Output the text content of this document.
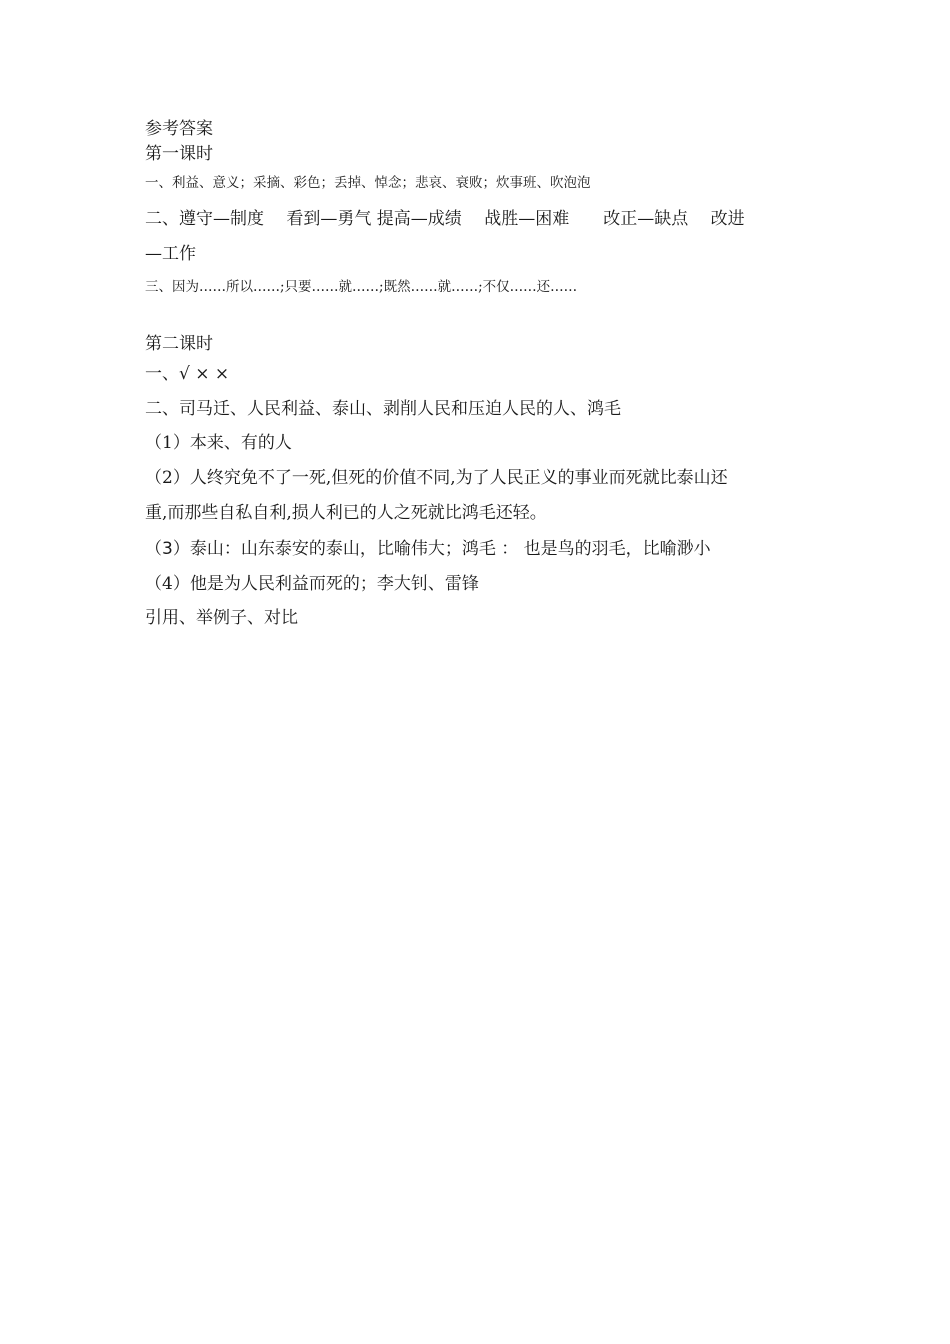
参考答案
第一课时
一、利益、意义；采摘、彩色；丢掉、悼念；悲哀、衰败；炊事班、吹泡泡
二、遵守—制度　 看到—勇气 提高—成绩　 战胜—困难　　改正—缺点　 改进
—工作
三、因为……所以……;只要……就……;既然……就……;不仅……还……
第二课时
一、√ × ×
二、司马迁、人民利益、泰山、剥削人民和压迫人民的人、鸿毛
（1）本来、有的人
（2）人终究免不了一死,但死的价值不同,为了人民正义的事业而死就比泰山还
重,而那些自私自利,损人利已的人之死就比鸿毛还轻。
（3）泰山：山东泰安的泰山，比喻伟大；鸿毛 ： 也是鸟的羽毛，比喻渺小
（4）他是为人民利益而死的；李大钊、雷锋
引用、举例子、对比
